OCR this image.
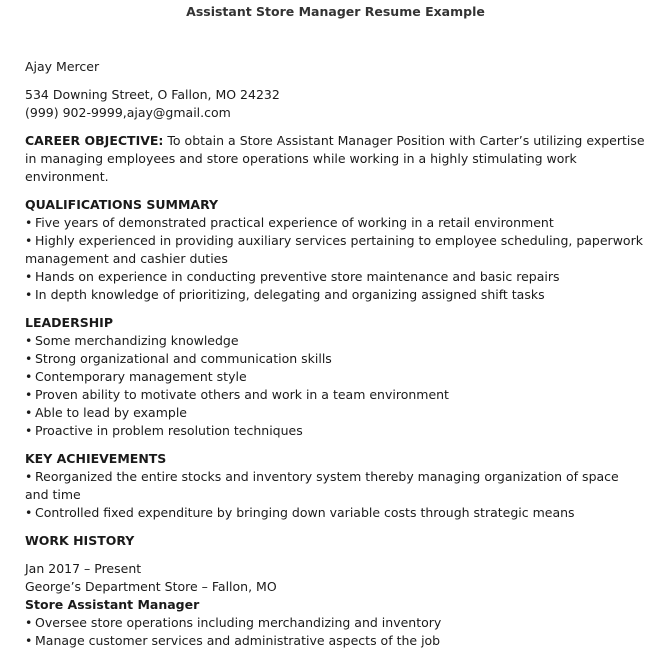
Assistant Store Manager Resume Example
Ajay Mercer
534 Downing Street, O Fallon, MO 24232
(999) 902-9999,ajay@gmail.com
CAREER OBJECTIVE: To obtain a Store Assistant Manager Position with Carter’s utilizing expertise in managing employees and store operations while working in a highly stimulating work environment.
QUALIFICATIONS SUMMARY
• Five years of demonstrated practical experience of working in a retail environment
• Highly experienced in providing auxiliary services pertaining to employee scheduling, paperwork management and cashier duties
• Hands on experience in conducting preventive store maintenance and basic repairs
• In depth knowledge of prioritizing, delegating and organizing assigned shift tasks
LEADERSHIP
• Some merchandizing knowledge
• Strong organizational and communication skills
• Contemporary management style
• Proven ability to motivate others and work in a team environment
• Able to lead by example
• Proactive in problem resolution techniques
KEY ACHIEVEMENTS
• Reorganized the entire stocks and inventory system thereby managing organization of space and time
• Controlled fixed expenditure by bringing down variable costs through strategic means
WORK HISTORY
Jan 2017 – Present
George’s Department Store – Fallon, MO
Store Assistant Manager
• Oversee store operations including merchandizing and inventory
• Manage customer services and administrative aspects of the job
